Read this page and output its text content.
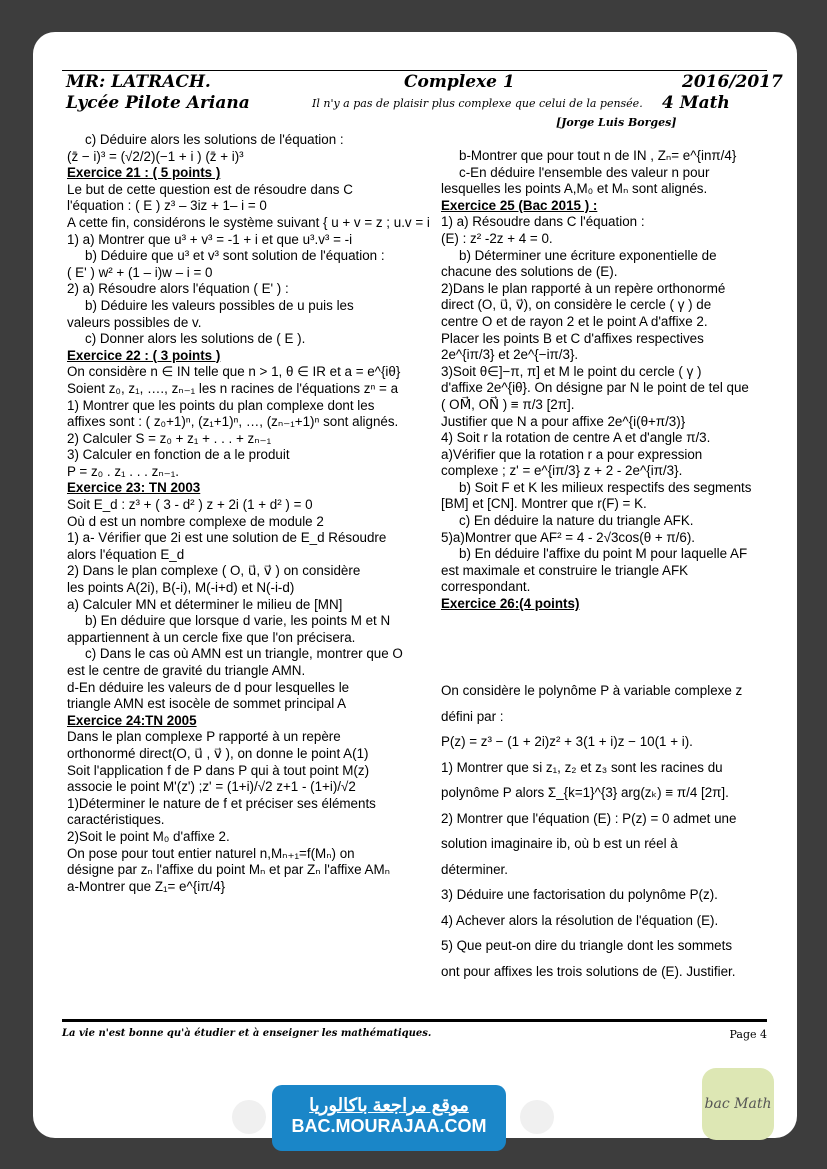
MR: LATRACH.
Lycée Pilote Ariana
Complexe 1
Il n'y a pas de plaisir plus complexe que celui de la pensée.
[Jorge Luis Borges]
2016/2017
4 Math

c) Déduire alors les solutions de l'équation :

(z̄ − i)³ = (√2/2)(−1 + i ) (z̄ + i)³

Exercice 21 : ( 5 points )

Le but de cette question est de résoudre dans C

l'équation : ( E ) z³ – 3iz + 1– i = 0

A cette fin, considérons le système suivant { u + v = z ; u.v = i

1) a) Montrer que u³ + v³ = -1 + i et que u³.v³ = -i

b) Déduire que u³ et v³ sont solution de l'équation :

( E' ) w² + (1 – i)w – i = 0

2) a) Résoudre alors l'équation ( E' ) :

b) Déduire les valeurs possibles de u puis les

valeurs possibles de v.

c) Donner alors les solutions de ( E ).

Exercice 22 : ( 3 points )

On considère n ∈ IN telle que n > 1, θ ∈ IR et a = e^{iθ}

Soient z₀, z₁, …., zₙ₋₁ les n racines de l'équations zⁿ = a

1) Montrer que les points du plan complexe dont les

affixes sont : ( z₀+1)ⁿ, (z₁+1)ⁿ, …, (zₙ₋₁+1)ⁿ sont alignés.

2) Calculer S = z₀ + z₁ + . . . + zₙ₋₁

3) Calculer en fonction de a le produit

P = z₀ . z₁ . . . zₙ₋₁.

Exercice 23: TN 2003

Soit E_d : z³ + ( 3 - d² ) z + 2i (1 + d² ) = 0

Où d est un nombre complexe de module 2

1) a- Vérifier que 2i est une solution de E_d Résoudre

alors l'équation E_d

2) Dans le plan complexe ( O, u⃗, v⃗ ) on considère

les points A(2i), B(-i), M(-i+d) et N(-i-d)

a) Calculer MN et déterminer le milieu de [MN]

b) En déduire que lorsque d varie, les points M et N

appartiennent à un cercle fixe que l'on précisera.

c) Dans le cas où AMN est un triangle, montrer que O

est le centre de gravité du triangle AMN.

d-En déduire les valeurs de d pour lesquelles le

triangle AMN est isocèle de sommet principal A

Exercice 24:TN 2005

Dans le plan complexe P rapporté à un repère

orthonormé direct(O, u⃗ , v⃗ ), on donne le point A(1)

Soit l'application f de P dans P qui à tout point M(z)

associe le point M'(z') ;z' = (1+i)/√2 z+1 - (1+i)/√2

1)Déterminer le nature de f et préciser ses éléments

caractéristiques.

2)Soit le point M₀ d'affixe 2.

On pose pour tout entier naturel n,Mₙ₊₁=f(Mₙ) on

désigne par zₙ l'affixe du point Mₙ et par Zₙ l'affixe AMₙ

a-Montrer que Z₁= e^{iπ/4}

b-Montrer que pour tout n de IN , Zₙ= e^{inπ/4}

c-En déduire l'ensemble des valeur n pour

lesquelles les points A,M₀ et Mₙ sont alignés.

Exercice 25 (Bac 2015 ) :

1) a) Résoudre dans C l'équation :

(E) : z² -2z + 4 = 0.

b) Déterminer une écriture exponentielle de

chacune des solutions de (E).

2)Dans le plan rapporté à un repère orthonormé

direct (O, u⃗, v⃗), on considère le cercle ( γ ) de

centre O et de rayon 2 et le point A d'affixe 2.

Placer les points B et C d'affixes respectives

2e^{iπ/3} et 2e^{−iπ/3}.

3)Soit θ∈]−π, π] et M le point du cercle ( γ )

d'affixe 2e^{iθ}. On désigne par N le point de tel que

( OM⃗, ON⃗ ) ≡ π/3 [2π].

Justifier que N a pour affixe 2e^{i(θ+π/3)}

4) Soit r la rotation de centre A et d'angle π/3.

a)Vérifier que la rotation r a pour expression

complexe ; z' = e^{iπ/3} z + 2 - 2e^{iπ/3}.

b) Soit F et K les milieux respectifs des segments

[BM] et [CN]. Montrer que r(F) = K.

c) En déduire la nature du triangle AFK.

5)a)Montrer que AF² = 4 - 2√3cos(θ + π/6).

b) En déduire l'affixe du point M pour laquelle AF

est maximale et construire le triangle AFK

correspondant.

Exercice 26:(4 points)

On considère le polynôme P à variable complexe z

défini par :

P(z) = z³ − (1 + 2i)z² + 3(1 + i)z − 10(1 + i).

1) Montrer que si z₁, z₂ et z₃ sont les racines du

polynôme P alors Σ_{k=1}^{3} arg(zₖ) ≡ π/4 [2π].

2) Montrer que l'équation (E) : P(z) = 0 admet une

solution imaginaire ib, où b est un réel à

déterminer.

3) Déduire une factorisation du polynôme P(z).

4) Achever alors la résolution de l'équation (E).

5) Que peut-on dire du triangle dont les sommets

ont pour affixes les trois solutions de (E). Justifier.

La vie n'est bonne qu'à étudier et à enseigner les mathématiques.	Page 4
موقع مراجعة باكالوريا
BAC.MOURAJAA.COM
bac Math
